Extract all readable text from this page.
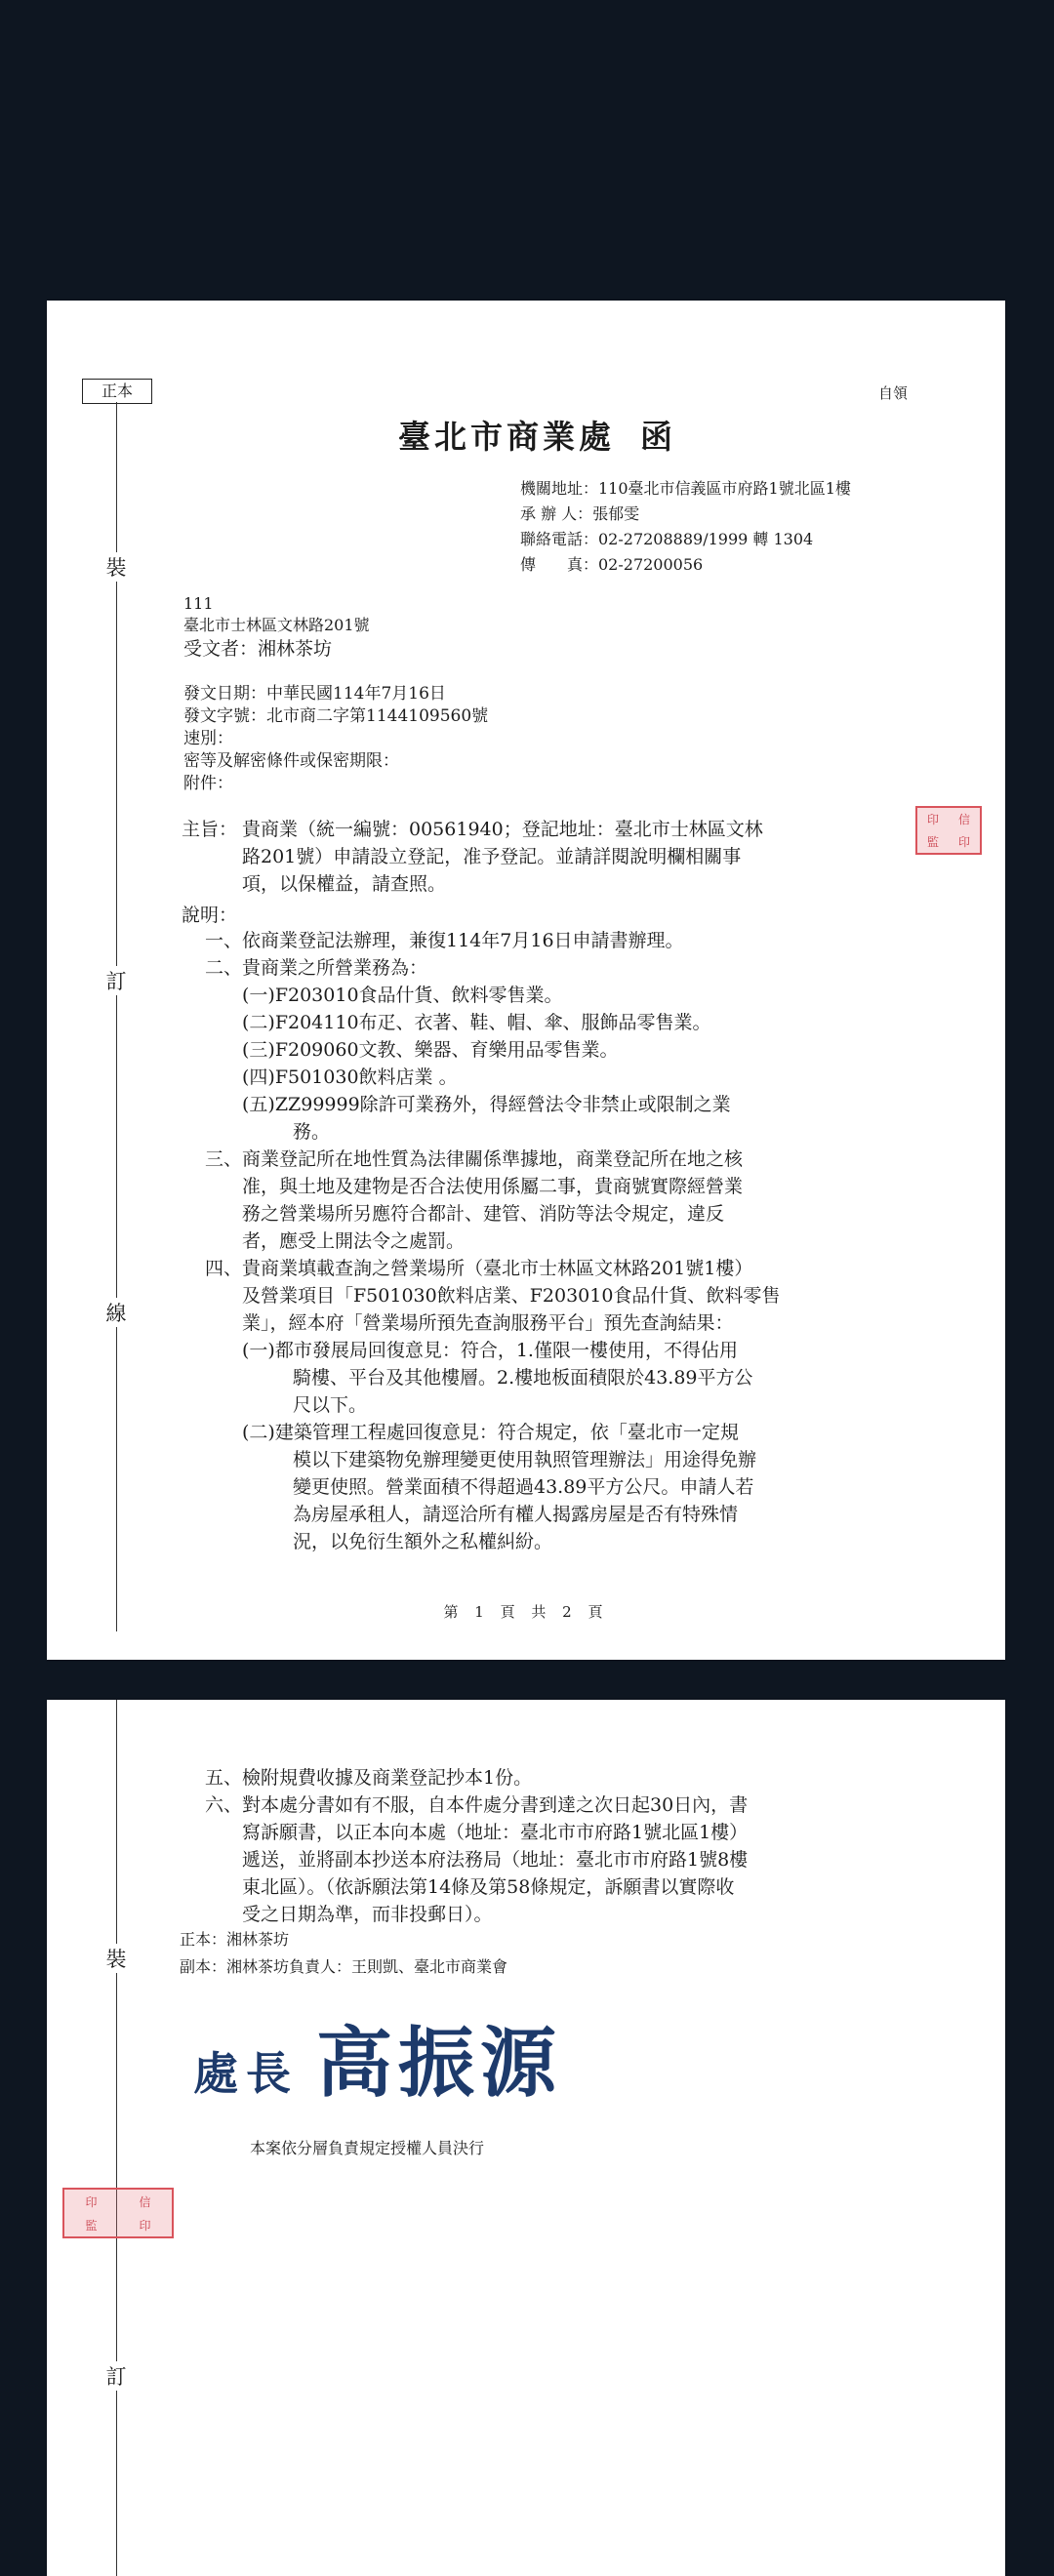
正本	自領
裝
訂
線
臺北市商業處 函
機關地址：110臺北市信義區市府路1號北區1樓
承 辦 人：張郁雯
聯絡電話：02-27208889/1999 轉 1304
傳　　真：02-27200056
111
臺北市士林區文林路201號
受文者：湘林茶坊
發文日期：中華民國114年7月16日
發文字號：北市商二字第1144109560號
速別：
密等及解密條件或保密期限：
附件：
印	信
監	印
主旨： 貴商業（統一編號：00561940；登記地址：臺北市士林區文林
路201號）申請設立登記，准予登記。並請詳閱說明欄相關事
項，以保權益，請查照。
說明：
一、依商業登記法辦理，兼復114年7月16日申請書辦理。
二、貴商業之所營業務為：
(一)F203010食品什貨、飲料零售業。
(二)F204110布疋、衣著、鞋、帽、傘、服飾品零售業。
(三)F209060文教、樂器、育樂用品零售業。
(四)F501030飲料店業 。
(五)ZZ99999除許可業務外，得經營法令非禁止或限制之業
務。
三、商業登記所在地性質為法律關係準據地，商業登記所在地之核
准，與土地及建物是否合法使用係屬二事，貴商號實際經營業
務之營業場所另應符合都計、建管、消防等法令規定，違反
者，應受上開法令之處罰。
四、貴商業填載查詢之營業場所（臺北市士林區文林路201號1樓）
及營業項目「F501030飲料店業、F203010食品什貨、飲料零售
業」，經本府「營業場所預先查詢服務平台」預先查詢結果：
(一)都市發展局回復意見：符合，1.僅限一樓使用，不得佔用
騎樓、平台及其他樓層。2.樓地板面積限於43.89平方公
尺以下。
(二)建築管理工程處回復意見：符合規定，依「臺北市一定規
模以下建築物免辦理變更使用執照管理辦法」用途得免辦
變更使照。營業面積不得超過43.89平方公尺。申請人若
為房屋承租人，請逕洽所有權人揭露房屋是否有特殊情
況，以免衍生額外之私權糾紛。
第 1 頁 共 2 頁
裝
訂
五、檢附規費收據及商業登記抄本1份。
六、對本處分書如有不服，自本件處分書到達之次日起30日內，書
寫訴願書，以正本向本處（地址：臺北市市府路1號北區1樓）
遞送，並將副本抄送本府法務局（地址：臺北市市府路1號8樓
東北區）。（依訴願法第14條及第58條規定，訴願書以實際收
受之日期為準，而非投郵日）。
正本：湘林茶坊
副本：湘林茶坊負責人：王則凱、臺北市商業會
處長 高振源
本案依分層負責規定授權人員決行
印	信
監	印
